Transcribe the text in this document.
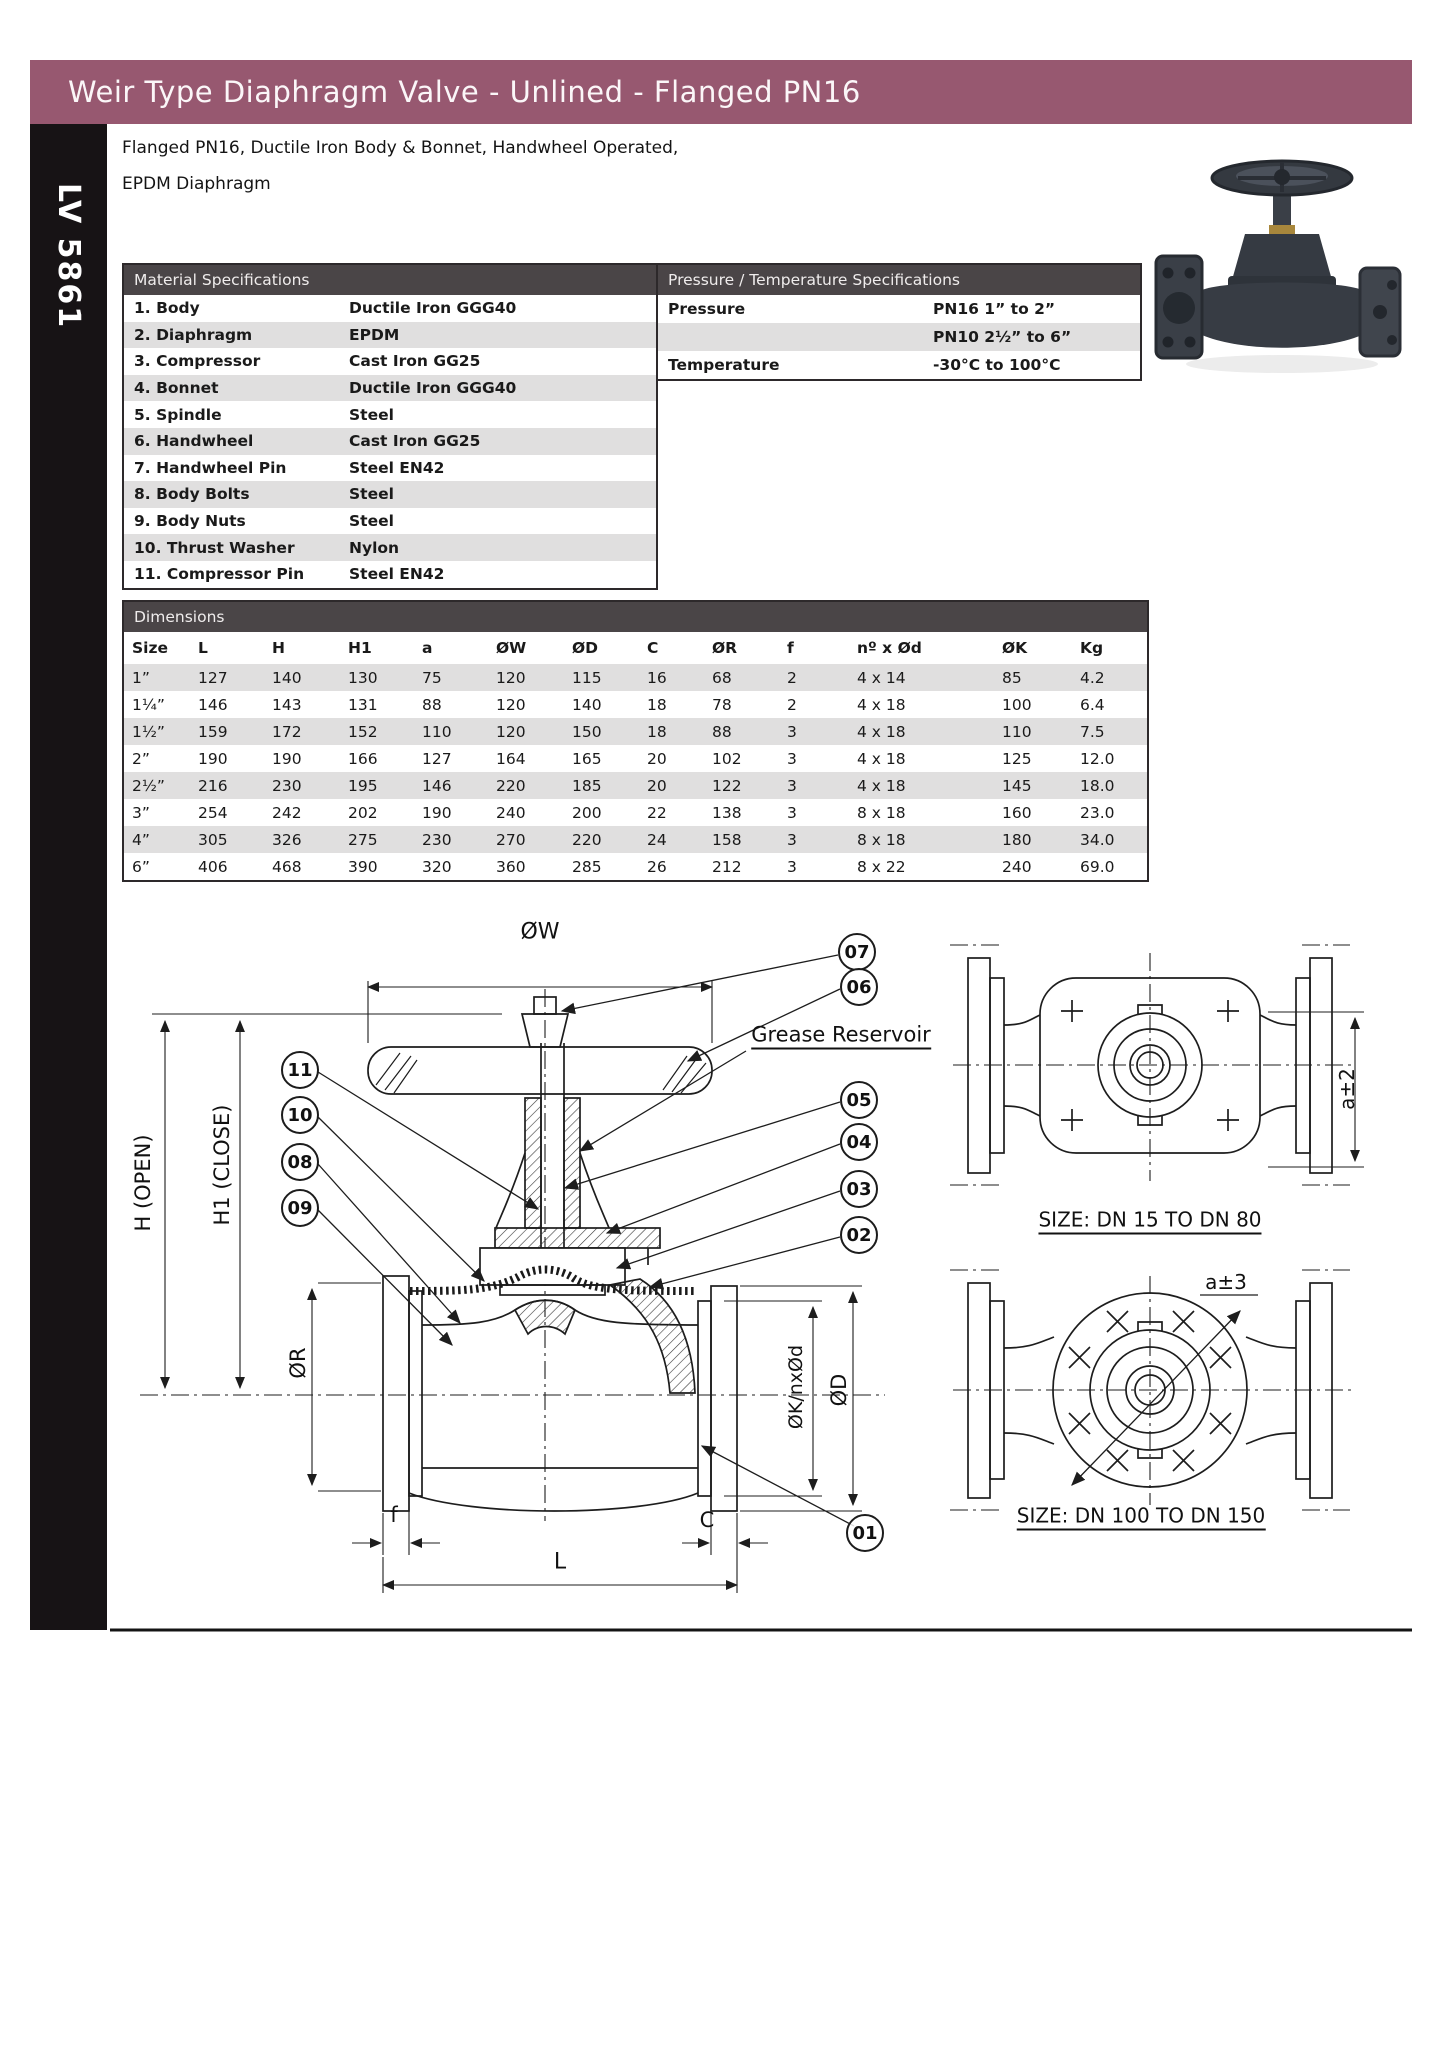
Weir Type Diaphragm Valve - Unlined - Flanged PN16
LV 5861
Flanged PN16, Ductile Iron Body & Bonnet, Handwheel Operated,
EPDM Diaphragm
Material Specifications
1. Body	Ductile Iron GGG40
2. Diaphragm	EPDM
3. Compressor	Cast Iron GG25
4. Bonnet	Ductile Iron GGG40
5. Spindle	Steel
6. Handwheel	Cast Iron GG25
7. Handwheel Pin	Steel EN42
8. Body Bolts	Steel
9. Body Nuts	Steel
10. Thrust Washer	Nylon
11. Compressor Pin	Steel EN42
Pressure / Temperature Specifications
Pressure	PN16 1” to 2”
PN10 2½” to 6”
Temperature	-30°C to 100°C
Dimensions
Size	L	H	H1	a	ØW	ØD	C	ØR	f	nº x Ød	ØK	Kg
1”	127	140	130	75	120	115	16	68	2	4 x 14	85	4.2
1¼”	146	143	131	88	120	140	18	78	2	4 x 18	100	6.4
1½”	159	172	152	110	120	150	18	88	3	4 x 18	110	7.5
2”	190	190	166	127	164	165	20	102	3	4 x 18	125	12.0
2½”	216	230	195	146	220	185	20	122	3	4 x 18	145	18.0
3”	254	242	202	190	240	200	22	138	3	8 x 18	160	23.0
4”	305	326	275	230	270	220	24	158	3	8 x 18	180	34.0
6”	406	468	390	320	360	285	26	212	3	8 x 22	240	69.0
ØW
H (OPEN)	H1 (CLOSE)
ØR
f
L
C
ØK/nxØd ØD
Grease Reservoir
a±2
a±3
SIZE: DN 15 TO DN 80
SIZE: DN 100 TO DN 150
11
10
08
09
07
06
05
04
03
02
01
